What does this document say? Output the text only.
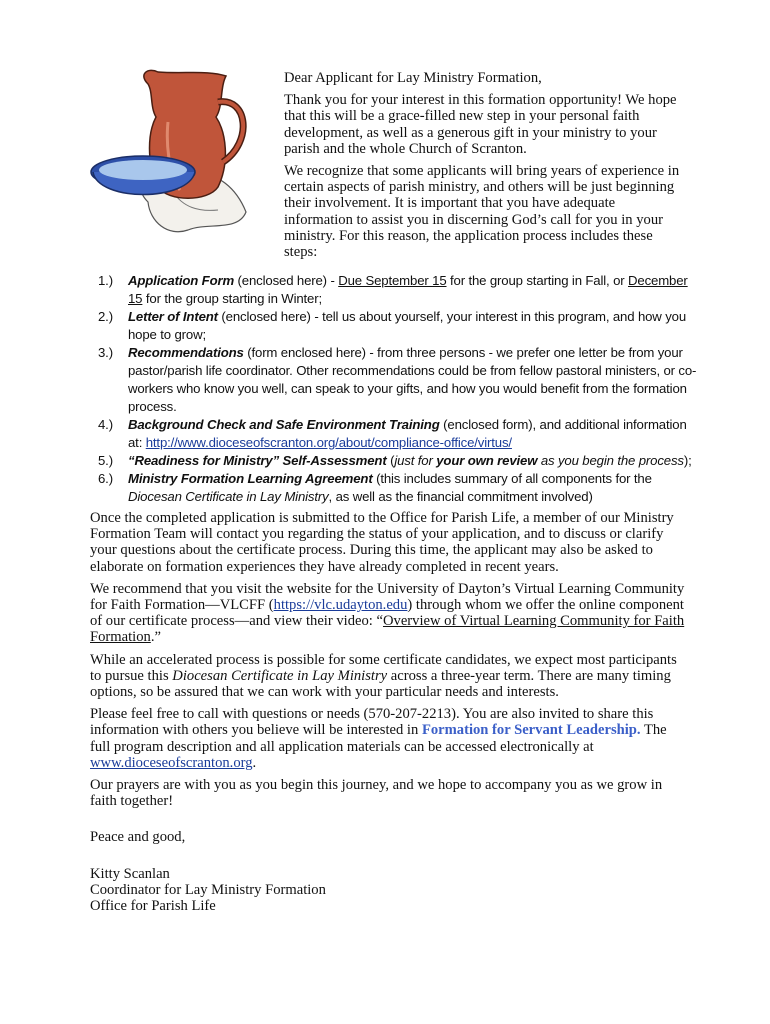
Dear Applicant for Lay Ministry Formation,

Thank you for your interest in this formation opportunity! We hope that this will be a grace-filled new step in your personal faith development, as well as a generous gift in your ministry to your parish and the whole Church of Scranton.

We recognize that some applicants will bring years of experience in certain aspects of parish ministry, and others will be just beginning their involvement. It is important that you have adequate information to assist you in discerning God’s call for you in your ministry. For this reason, the application process includes these steps:

1.) Application Form (enclosed here) - Due September 15 for the group starting in Fall, or December 15 for the group starting in Winter;
2.) Letter of Intent (enclosed here) - tell us about yourself, your interest in this program, and how you hope to grow;
3.) Recommendations (form enclosed here) - from three persons - we prefer one letter be from your pastor/parish life coordinator. Other recommendations could be from fellow pastoral ministers, or co-workers who know you well, can speak to your gifts, and how you would benefit from the formation process.
4.) Background Check and Safe Environment Training (enclosed form), and additional information at: http://www.dioceseofscranton.org/about/compliance-office/virtus/
5.) “Readiness for Ministry” Self-Assessment (just for your own review as you begin the process);
6.) Ministry Formation Learning Agreement (this includes summary of all components for the Diocesan Certificate in Lay Ministry, as well as the financial commitment involved)

Once the completed application is submitted to the Office for Parish Life, a member of our Ministry Formation Team will contact you regarding the status of your application, and to discuss or clarify your questions about the certificate process. During this time, the applicant may also be asked to elaborate on formation experiences they have already completed in recent years.

We recommend that you visit the website for the University of Dayton’s Virtual Learning Community for Faith Formation—VLCFF (https://vlc.udayton.edu) through whom we offer the online component of our certificate process—and view their video: “Overview of Virtual Learning Community for Faith Formation.”

While an accelerated process is possible for some certificate candidates, we expect most participants to pursue this Diocesan Certificate in Lay Ministry across a three-year term. There are many timing options, so be assured that we can work with your particular needs and interests.

Please feel free to call with questions or needs (570-207-2213). You are also invited to share this information with others you believe will be interested in Formation for Servant Leadership. The full program description and all application materials can be accessed electronically at www.dioceseofscranton.org.

Our prayers are with you as you begin this journey, and we hope to accompany you as we grow in faith together!

Peace and good,

Kitty Scanlan
Coordinator for Lay Ministry Formation
Office for Parish Life
